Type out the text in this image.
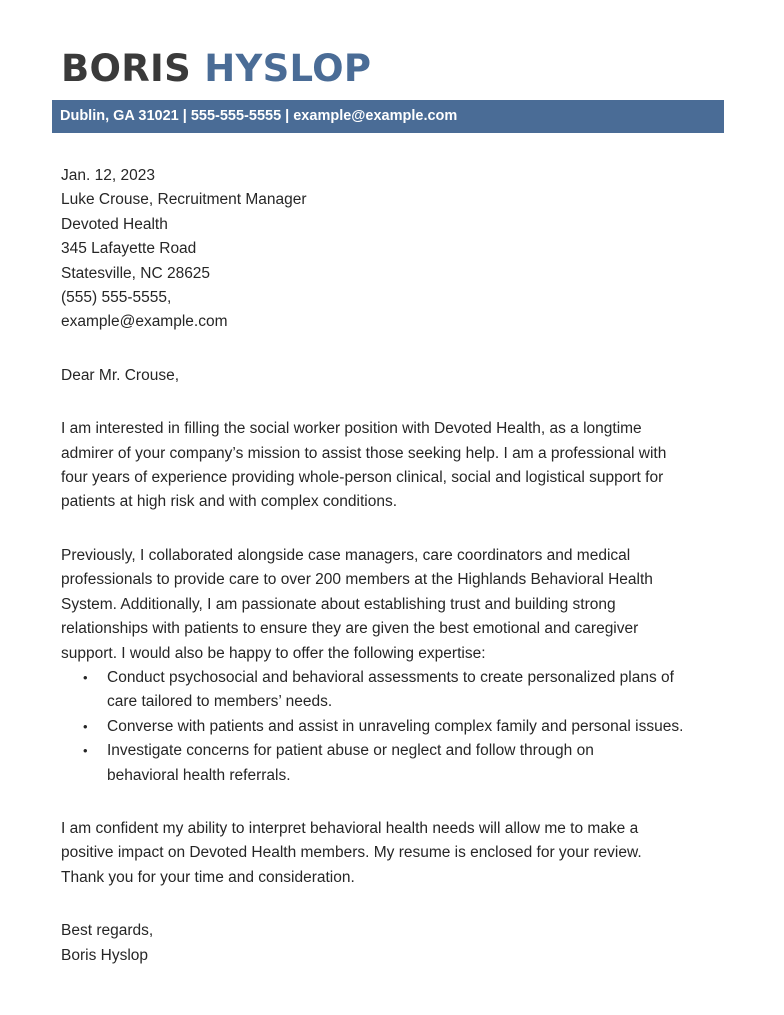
BORIS HYSLOP
Dublin, GA 31021 | 555-555-5555 | example@example.com
Jan. 12, 2023
Luke Crouse, Recruitment Manager
Devoted Health
345 Lafayette Road
Statesville, NC 28625
(555) 555-5555,
example@example.com
Dear Mr. Crouse,
I am interested in filling the social worker position with Devoted Health, as a longtime
admirer of your company’s mission to assist those seeking help. I am a professional with
four years of experience providing whole-person clinical, social and logistical support for
patients at high risk and with complex conditions.
Previously, I collaborated alongside case managers, care coordinators and medical
professionals to provide care to over 200 members at the Highlands Behavioral Health
System. Additionally, I am passionate about establishing trust and building strong
relationships with patients to ensure they are given the best emotional and caregiver
support. I would also be happy to offer the following expertise:
• Conduct psychosocial and behavioral assessments to create personalized plans of
care tailored to members’ needs.
• Converse with patients and assist in unraveling complex family and personal issues.
• Investigate concerns for patient abuse or neglect and follow through on
behavioral health referrals.
I am confident my ability to interpret behavioral health needs will allow me to make a
positive impact on Devoted Health members. My resume is enclosed for your review.
Thank you for your time and consideration.
Best regards,
Boris Hyslop
